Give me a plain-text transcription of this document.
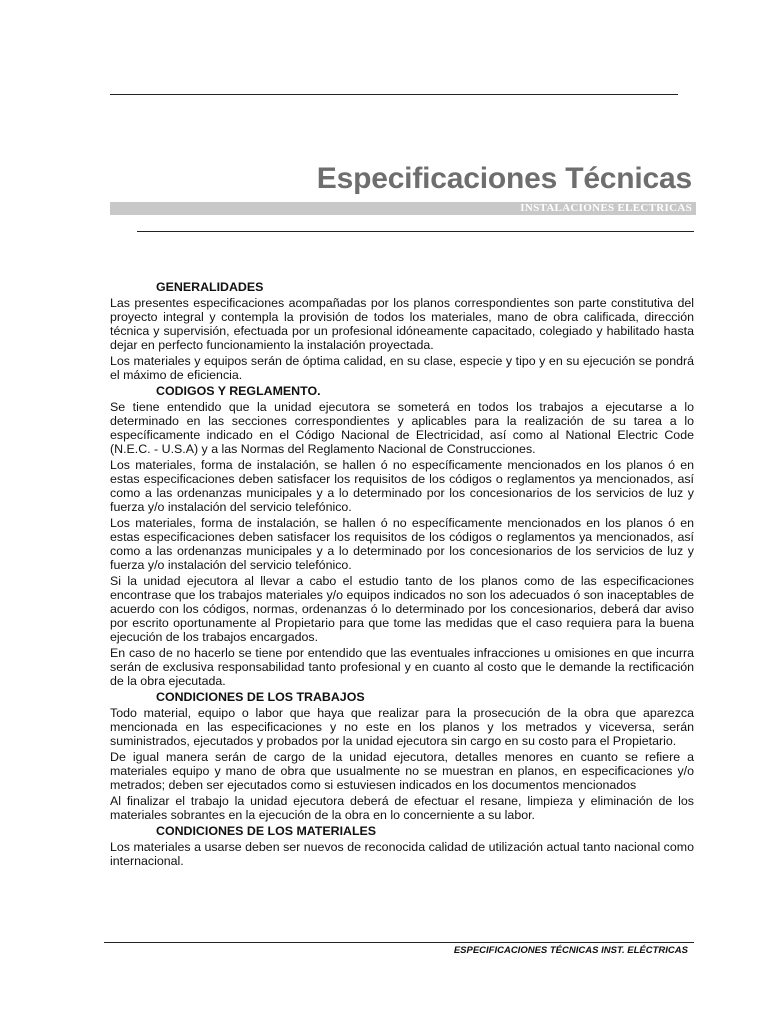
Especificaciones Técnicas
INSTALACIONES ELECTRICAS
GENERALIDADES

Las presentes especificaciones acompañadas por los planos correspondientes son parte constitutiva del proyecto integral y contempla la provisión de todos los materiales, mano de obra calificada, dirección técnica y supervisión, efectuada por un profesional idóneamente capacitado, colegiado y habilitado hasta dejar en perfecto funcionamiento la instalación proyectada.

Los materiales y equipos serán de óptima calidad, en su clase, especie y tipo y en su ejecución se pondrá el máximo de eficiencia.

CODIGOS Y REGLAMENTO.

Se tiene entendido que la unidad ejecutora se someterá en todos los trabajos a ejecutarse a lo determinado en las secciones correspondientes y aplicables para la realización de su tarea a lo específicamente indicado en el Código Nacional de Electricidad, así como al National Electric Code (N.E.C. - U.S.A) y a las Normas del Reglamento Nacional de Construcciones.

Los materiales, forma de instalación, se hallen ó no específicamente mencionados en los planos ó en estas especificaciones deben satisfacer los requisitos de los códigos o reglamentos ya mencionados, así como a las ordenanzas municipales y a lo determinado por los concesionarios de los servicios de luz y fuerza y/o instalación del servicio telefónico.

Los materiales, forma de instalación, se hallen ó no específicamente mencionados en los planos ó en estas especificaciones deben satisfacer los requisitos de los códigos o reglamentos ya mencionados, así como a las ordenanzas municipales y a lo determinado por los concesionarios de los servicios de luz y fuerza y/o instalación del servicio telefónico.

Si la unidad ejecutora al llevar a cabo el estudio tanto de los planos como de las especificaciones encontrase que los trabajos materiales y/o equipos indicados no son los adecuados ó son inaceptables de acuerdo con los códigos, normas, ordenanzas ó lo determinado por los concesionarios, deberá dar aviso por escrito oportunamente al Propietario para que tome las medidas que el caso requiera para la buena ejecución de los trabajos encargados.

En caso de no hacerlo se tiene por entendido que las eventuales infracciones u omisiones en que incurra serán de exclusiva responsabilidad tanto profesional y en cuanto al costo que le demande la rectificación de la obra ejecutada.

CONDICIONES DE LOS TRABAJOS

Todo material, equipo o labor que haya que realizar para la prosecución de la obra que aparezca mencionada en las especificaciones y no este en los planos y los metrados y viceversa, serán suministrados, ejecutados y probados por la unidad ejecutora sin cargo en su costo para el Propietario.

De igual manera serán de cargo de la unidad ejecutora, detalles menores en cuanto se refiere a materiales equipo y mano de obra que usualmente no se muestran en planos, en especificaciones y/o metrados; deben ser ejecutados como si estuviesen indicados en los documentos mencionados

Al finalizar el trabajo la unidad ejecutora deberá de efectuar el resane, limpieza y eliminación de los materiales sobrantes en la ejecución de la obra en lo concerniente a su labor.

CONDICIONES DE LOS MATERIALES

Los materiales a usarse deben ser nuevos de reconocida calidad de utilización actual tanto nacional como internacional.

ESPECIFICACIONES TÉCNICAS INST. ELÉCTRICAS
